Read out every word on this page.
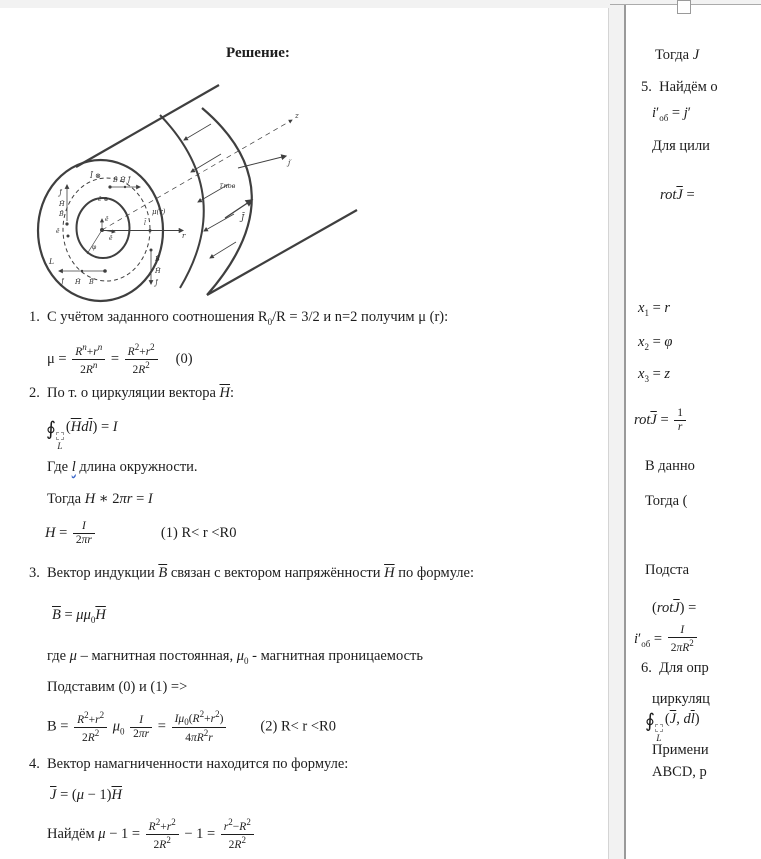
Решение:
Ī ⊗ B̄ H̄ J̄
J̄
H̄
B̄
ē
ē ⊗
ē
ē
φ
μ(r)
l̄
r
B̄
H̄
J̄
J̄ H̄ B̄
L
z
j′
J̄
ī′пов
1. С учётом заданного соотношения $R_0/R = 3/2$ и n=2 получим μ (r):
$\mu = \frac{R^n+r^n}{2R^n} = \frac{R^2+r^2}{2R^2} (0)$
2. По т. о циркуляции вектора $\overline{H}$:
∮
L
$(\overline{H}d\overline{l}) = I$
Где l длина окружности.
Тогда H ∗ 2πr = I
$H = \frac{I}{2\pi r}$	(1) R< r <R0
3. Вектор индукции $\overline{B}$ связан с вектором напряжённости $\overline{H}$ по формуле:
$\overline{B} = \mu\mu_0\overline{H}$
где μ – магнитная постоянная, $\mu_0$ - магнитная проницаемость
Подставим (0) и (1) =>
$B = \frac{R^2+r^2}{2R^2} \mu_0 \frac{I}{2\pi r} = \frac{I\mu_0(R^2+r^2)}{4\pi R^2r} (2)$ R< r <R0
4. Вектор намагниченности находится по формуле:
$\overline{J} = (\mu - 1)\overline{H}$
Найдём $\mu - 1 = \frac{R^2+r^2}{2R^2} - 1 = \frac{r^2-R^2}{2R^2}$
Тогда J
5.  Найдём о
$i'_{об} = j'$
Для цили
$rot\overline{J}$ =
$x_1 = r$
$x_2 = \varphi$
$x_3 = z$
$rot\overline{J} = \frac{1}{r}$
В данно
Тогда (
Подста
$(rot\overline{J})$ =
$i'_{об} = \frac{I}{2\pi R^2}$
6.  Для опр
циркуляц
∮
L
($\overline{J}$, $d\overline{l}$)
Примени
ABCD, р
